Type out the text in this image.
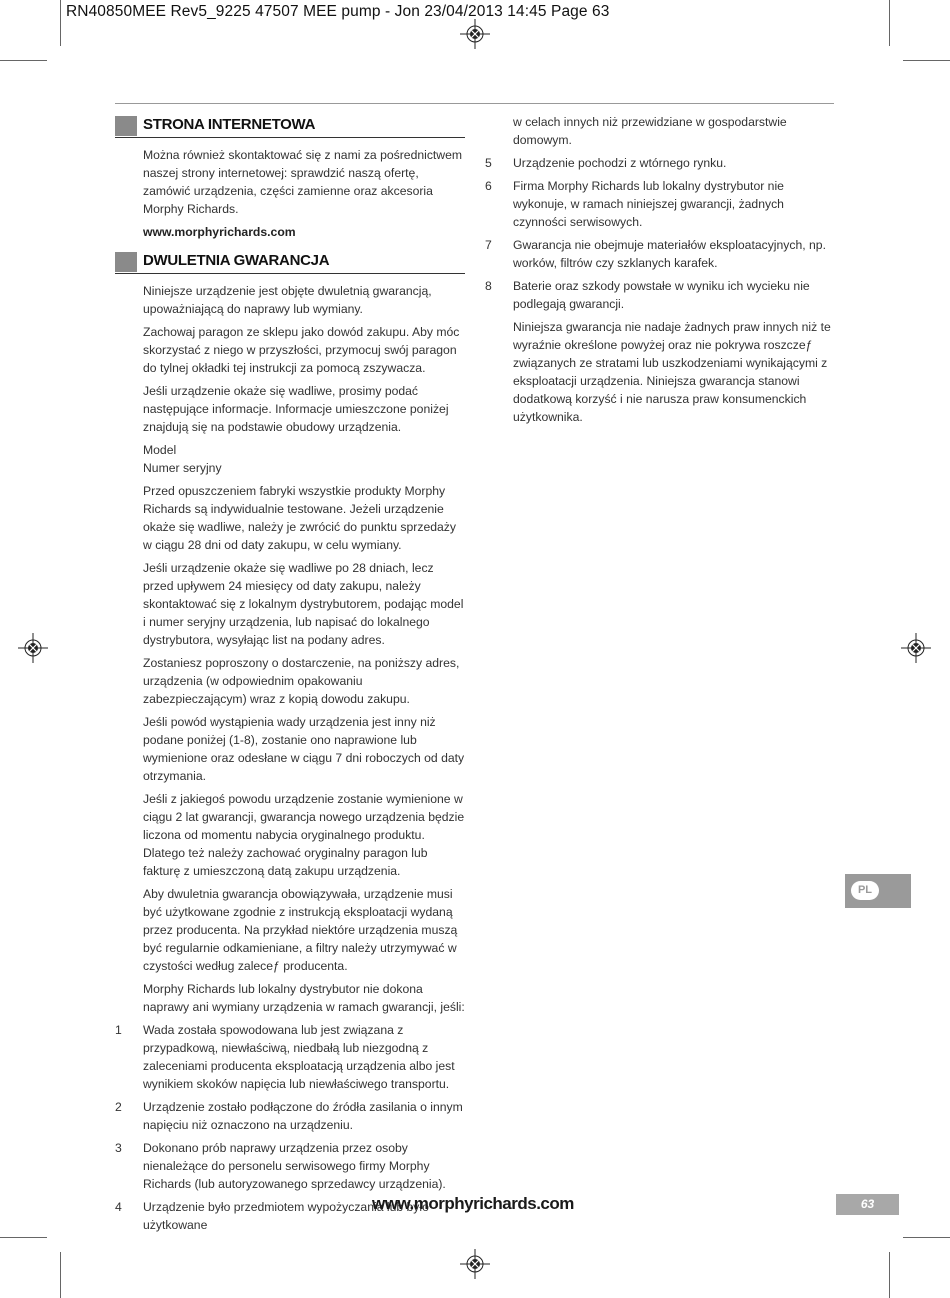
RN40850MEE Rev5_9225 47507 MEE pump - Jon 23/04/2013 14:45 Page 63
STRONA INTERNETOWA

Można również skontaktować się z nami za pośrednictwem naszej strony internetowej: sprawdzić naszą ofertę, zamówić urządzenia, części zamienne oraz akcesoria Morphy Richards.

www.morphyrichards.com

DWULETNIA GWARANCJA

Niniejsze urządzenie jest objęte dwuletnią gwarancją, upoważniającą do naprawy lub wymiany.

Zachowaj paragon ze sklepu jako dowód zakupu. Aby móc skorzystać z niego w przyszłości, przymocuj swój paragon do tylnej okładki tej instrukcji za pomocą zszywacza.

Jeśli urządzenie okaże się wadliwe, prosimy podać następujące informacje. Informacje umieszczone poniżej znajdują się na podstawie obudowy urządzenia.

Model

Numer seryjny

Przed opuszczeniem fabryki wszystkie produkty Morphy Richards są indywidualnie testowane. Jeżeli urządzenie okaże się wadliwe, należy je zwrócić do punktu sprzedaży w ciągu 28 dni od daty zakupu, w celu wymiany.

Jeśli urządzenie okaże się wadliwe po 28 dniach, lecz przed upływem 24 miesięcy od daty zakupu, należy skontaktować się z lokalnym dystrybutorem, podając model i numer seryjny urządzenia, lub napisać do lokalnego dystrybutora, wysyłając list na podany adres.

Zostaniesz poproszony o dostarczenie, na poniższy adres, urządzenia (w odpowiednim opakowaniu zabezpieczającym) wraz z kopią dowodu zakupu.

Jeśli powód wystąpienia wady urządzenia jest inny niż podane poniżej (1-8), zostanie ono naprawione lub wymienione oraz odesłane w ciągu 7 dni roboczych od daty otrzymania.

Jeśli z jakiegoś powodu urządzenie zostanie wymienione w ciągu 2 lat gwarancji, gwarancja nowego urządzenia będzie liczona od momentu nabycia oryginalnego produktu. Dlatego też należy zachować oryginalny paragon lub fakturę z umieszczoną datą zakupu urządzenia.

Aby dwuletnia gwarancja obowiązywała, urządzenie musi być użytkowane zgodnie z instrukcją eksploatacji wydaną przez producenta. Na przykład niektóre urządzenia muszą być regularnie odkamieniane, a filtry należy utrzymywać w czystości według zaleceƒ producenta.

Morphy Richards lub lokalny dystrybutor nie dokona naprawy ani wymiany urządzenia w ramach gwarancji, jeśli:

1 Wada została spowodowana lub jest związana z przypadkową, niewłaściwą, niedbałą lub niezgodną z zaleceniami producenta eksploatacją urządzenia albo jest wynikiem skoków napięcia lub niewłaściwego transportu.
2 Urządzenie zostało podłączone do źródła zasilania o innym napięciu niż oznaczono na urządzeniu.
3 Dokonano prób naprawy urządzenia przez osoby nienależące do personelu serwisowego firmy Morphy Richards (lub autoryzowanego sprzedawcy urządzenia).
4 Urządzenie było przedmiotem wypożyczania lub było użytkowane
w celach innych niż przewidziane w gospodarstwie domowym.
5 Urządzenie pochodzi z wtórnego rynku.
6 Firma Morphy Richards lub lokalny dystrybutor nie wykonuje, w ramach niniejszej gwarancji, żadnych czynności serwisowych.
7 Gwarancja nie obejmuje materiałów eksploatacyjnych, np. worków, filtrów czy szklanych karafek.
8 Baterie oraz szkody powstałe w wyniku ich wycieku nie podlegają gwarancji.

Niniejsza gwarancja nie nadaje żadnych praw innych niż te wyraźnie określone powyżej oraz nie pokrywa roszczeƒ związanych ze stratami lub uszkodzeniami wynikającymi z eksploatacji urządzenia. Niniejsza gwarancja stanowi dodatkową korzyść i nie narusza praw konsumenckich użytkownika.

PL
www.morphyrichards.com	63
